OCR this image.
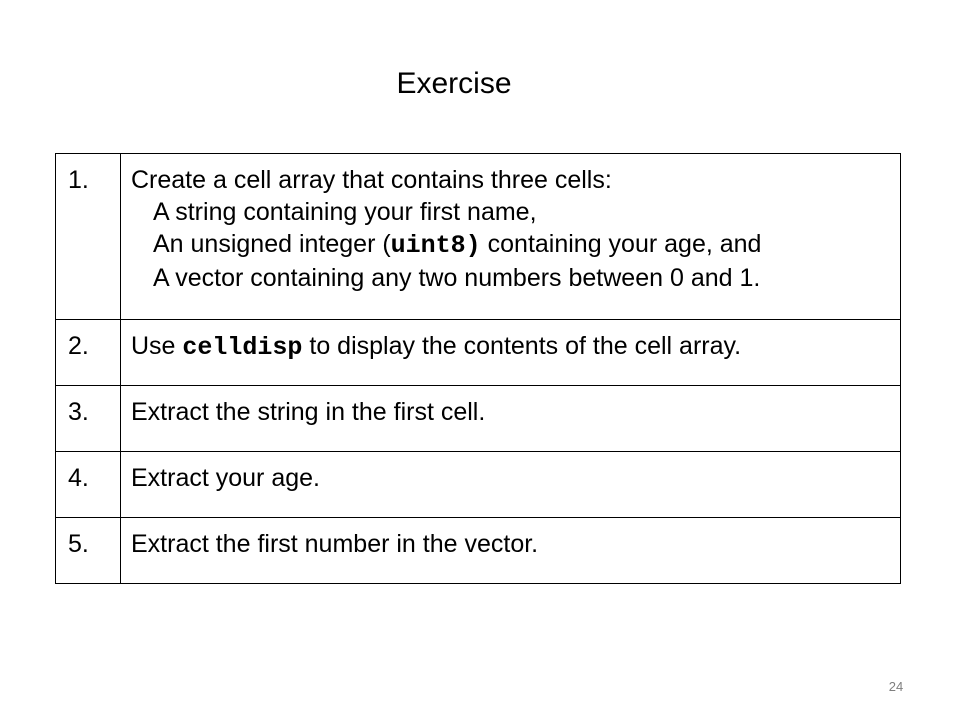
Exercise
1.	Create a cell array that contains three cells:
A string containing your first name,
An unsigned integer (uint8) containing your age, and
A vector containing any two numbers between 0 and 1.

2.	Use celldisp to display the contents of the cell array.
3.	Extract the string in the first cell.
4.	Extract your age.
5.	Extract the first number in the vector.
24
